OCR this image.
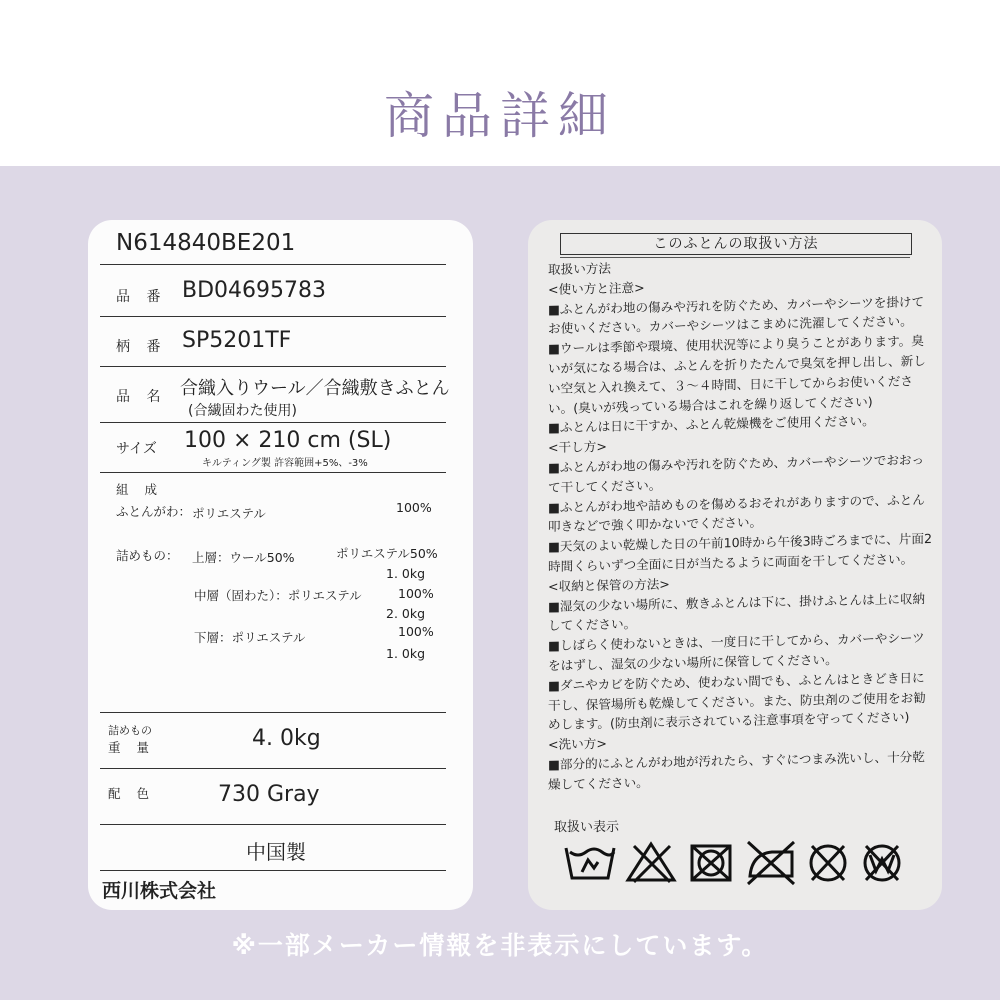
商品詳細
N614840BE201
品 番 BD04695783
柄 番 SP5201TF
品 名 合織入りウール／合織敷きふとん
(合繊固わた使用)
サイズ 100 × 210 cm (SL)
キルティング製 許容範囲+5%、-3%
組 成
ふとんがわ： ポリエステル	100%
詰めもの： 上層：ウール50%	ポリエステル50%
1. 0kg
中層（固わた）：ポリエステル	100%
2. 0kg
下層：ポリエステル	100%
1. 0kg
詰めもの
重 量	4. 0kg
配 色	730 Gray
中国製
西川株式会社
このふとんの取扱い方法
取扱い方法
<使い方と注意>
■ふとんがわ地の傷みや汚れを防ぐため、カバーやシーツを掛けてお使いください。カバーやシーツはこまめに洗濯してください。
■ウールは季節や環境、使用状況等により臭うことがあります。臭いが気になる場合は、ふとんを折りたたんで臭気を押し出し、新しい空気と入れ換えて、３～４時間、日に干してからお使いください。(臭いが残っている場合はこれを繰り返してください)
■ふとんは日に干すか、ふとん乾燥機をご使用ください。
<干し方>
■ふとんがわ地の傷みや汚れを防ぐため、カバーやシーツでおおって干してください。
■ふとんがわ地や詰めものを傷めるおそれがありますので、ふとん叩きなどで強く叩かないでください。
■天気のよい乾燥した日の午前10時から午後3時ごろまでに、片面2時間くらいずつ全面に日が当たるように両面を干してください。
<収納と保管の方法>
■湿気の少ない場所に、敷きふとんは下に、掛けふとんは上に収納してください。
■しばらく使わないときは、一度日に干してから、カバーやシーツをはずし、湿気の少ない場所に保管してください。
■ダニやカビを防ぐため、使わない間でも、ふとんはときどき日に干し、保管場所も乾燥してください。また、防虫剤のご使用をお勧めします。(防虫剤に表示されている注意事項を守ってください)
<洗い方>
■部分的にふとんがわ地が汚れたら、すぐにつまみ洗いし、十分乾燥してください。
取扱い表示
※一部メーカー情報を非表示にしています。
